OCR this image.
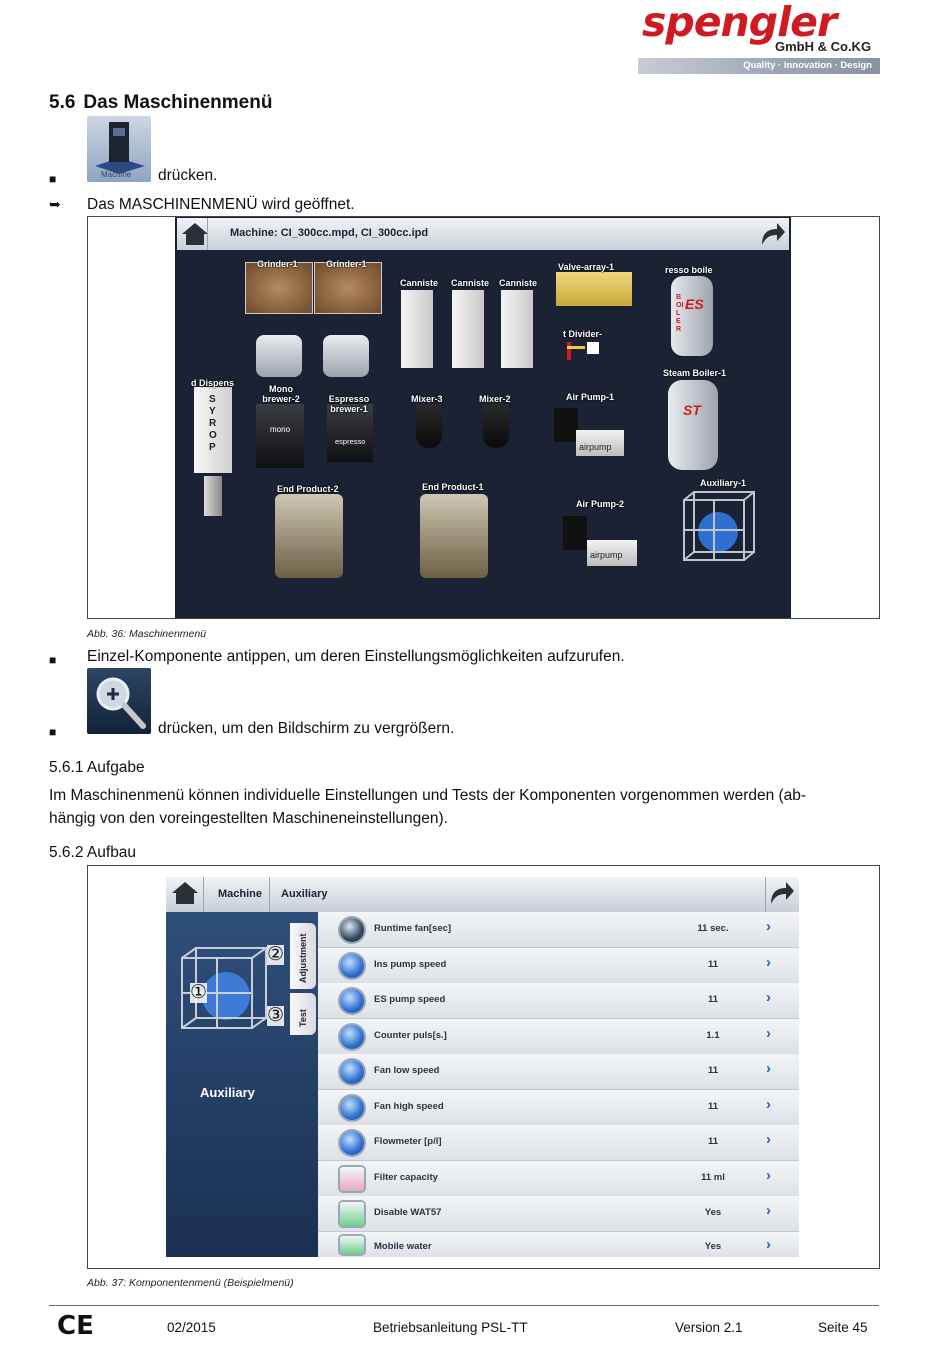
spengler
GmbH & Co.KG
Quality · Innovation · Design
5.6 Das Maschinenmenü
Machine
■	drücken.
➥ Das MASCHINENMENÜ wird geöffnet.
Machine: CI_300cc.mpd, CI_300cc.ipd
Grinder-1	Grinder-1
Canniste Canniste Canniste
Valve-array-1
ES
BOILER
resso boile
mono
espresso
Mono brewer-2	Espresso brewer-1
SYROP
d Dispens
Mixer-3	Mixer-2
t Divider-
airpump
Air Pump-1
ST
Steam Boiler-1
End Product-2	End Product-1
airpump
Air Pump-2
Auxiliary-1
Abb. 36: Maschinenmenü
■ Einzel-Komponente antippen, um deren Einstellungsmöglichkeiten aufzurufen.
■	drücken, um den Bildschirm zu vergrößern.
5.6.1 Aufgabe
Im Maschinenmenü können individuelle Einstellungen und Tests der Komponenten vorgenommen werden (ab-
hängig von den voreingestellten Maschineneinstellungen).
5.6.2 Aufbau
Machine Auxiliary
Auxiliary
Adjustment
Test
①
②
③
Runtime fan[sec]	11 sec.	›
Ins pump speed	11	›
ES pump speed	11	›
Counter puls[s.]	1.1	›
Fan low speed	11	›
Fan high speed	11	›
Flowmeter [p/l]	11	›
Filter capacity	11 ml	›
Disable WAT57	Yes	›
Mobile water	Yes	›
Abb. 37: Komponentenmenü (Beispielmenü)
CE	02/2015	Betriebsanleitung PSL-TT	Version 2.1	Seite 45
